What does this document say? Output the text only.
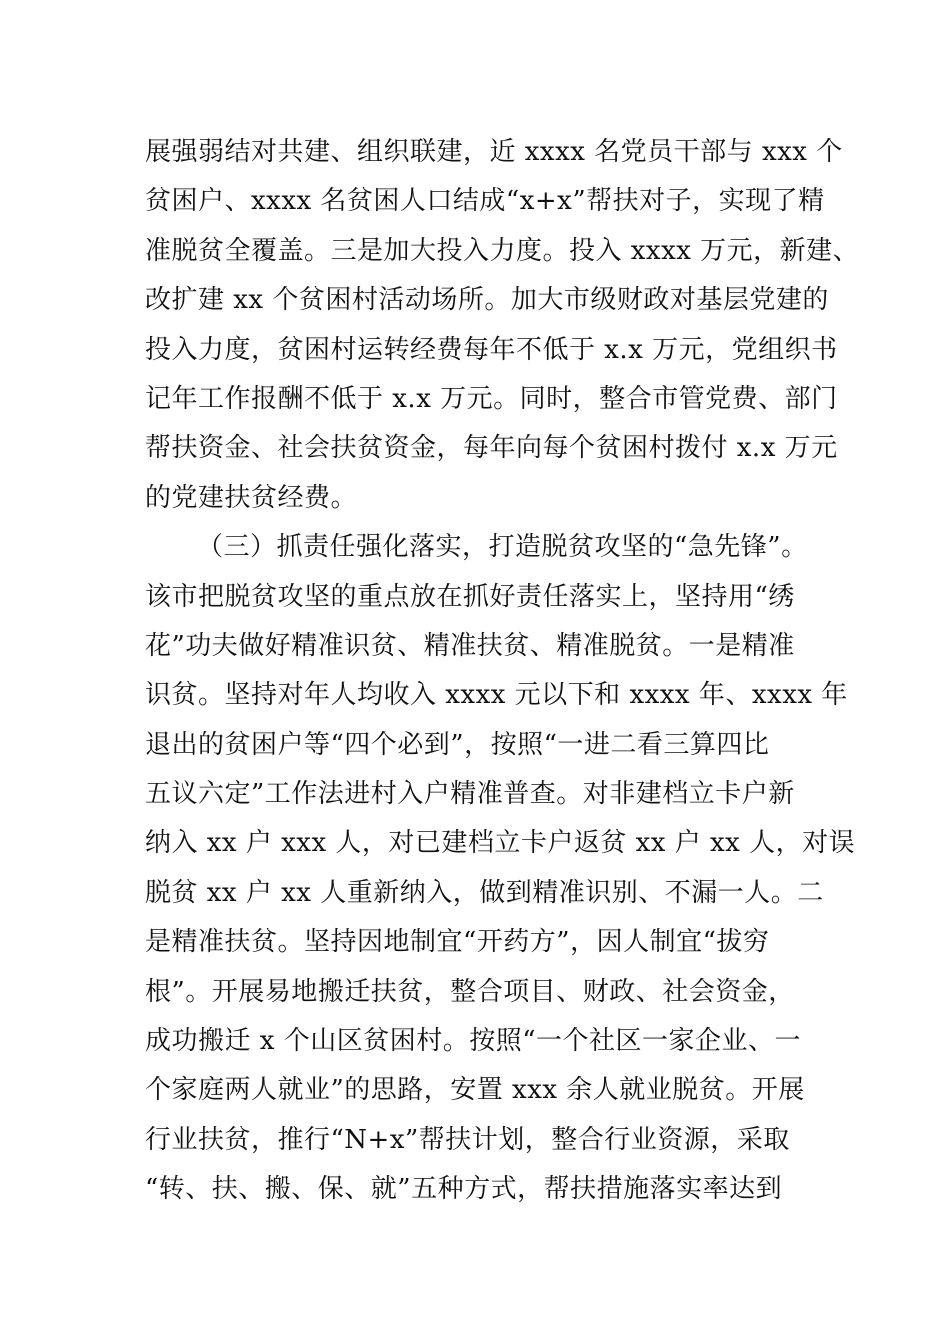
展强弱结对共建、组织联建，近 xxxx 名党员干部与 xxx 个
贫困户、xxxx 名贫困人口结成“x+x”帮扶对子，实现了精
准脱贫全覆盖。三是加大投入力度。投入 xxxx 万元，新建、
改扩建 xx 个贫困村活动场所。加大市级财政对基层党建的
投入力度，贫困村运转经费每年不低于 x.x 万元，党组织书
记年工作报酬不低于 x.x 万元。同时，整合市管党费、部门
帮扶资金、社会扶贫资金，每年向每个贫困村拨付 x.x 万元
的党建扶贫经费。
（三）抓责任强化落实，打造脱贫攻坚的“急先锋”。
该市把脱贫攻坚的重点放在抓好责任落实上，坚持用“绣
花”功夫做好精准识贫、精准扶贫、精准脱贫。一是精准
识贫。坚持对年人均收入 xxxx 元以下和 xxxx 年、xxxx 年
退出的贫困户等“四个必到”，按照“一进二看三算四比
五议六定”工作法进村入户精准普查。对非建档立卡户新
纳入 xx 户 xxx 人，对已建档立卡户返贫 xx 户 xx 人，对误
脱贫 xx 户 xx 人重新纳入，做到精准识别、不漏一人。二
是精准扶贫。坚持因地制宜“开药方”，因人制宜“拔穷
根”。开展易地搬迁扶贫，整合项目、财政、社会资金，
成功搬迁 x 个山区贫困村。按照“一个社区一家企业、一
个家庭两人就业”的思路，安置 xxx 余人就业脱贫。开展
行业扶贫，推行“N+x”帮扶计划，整合行业资源，采取
“转、扶、搬、保、就”五种方式，帮扶措施落实率达到
